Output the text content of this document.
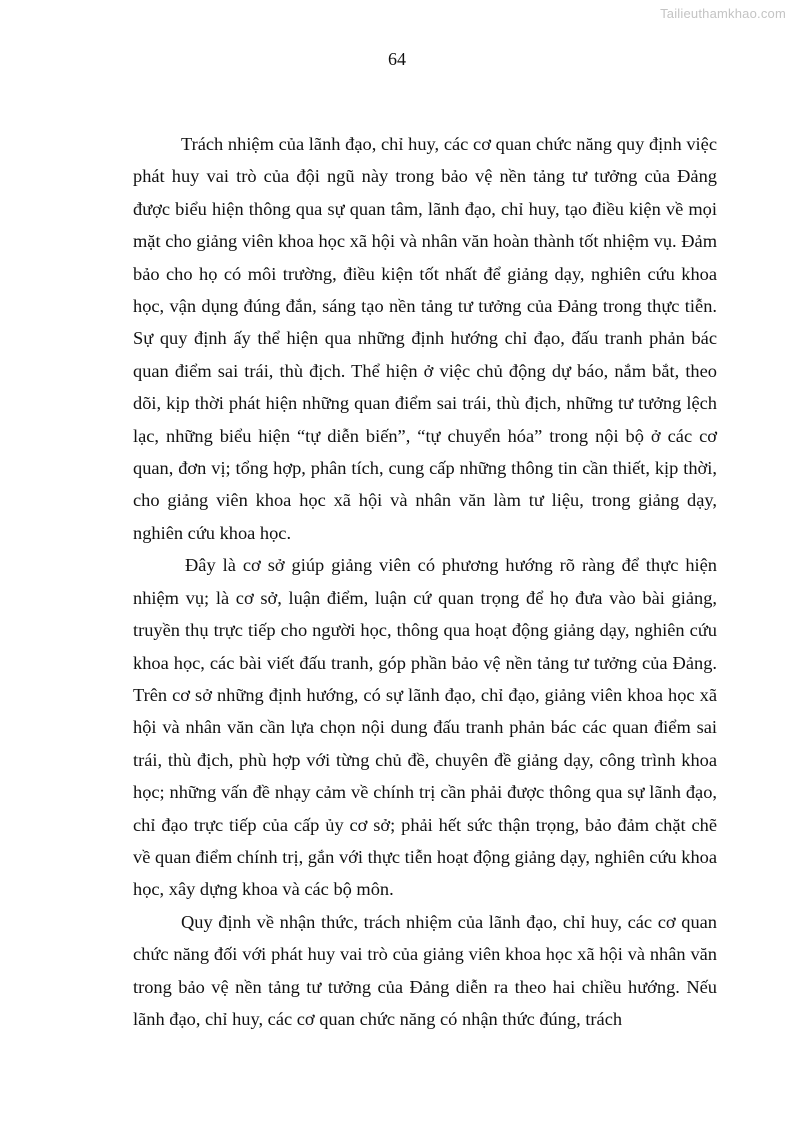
Tailieuthamkhao.com
64

Trách nhiệm của lãnh đạo, chỉ huy, các cơ quan chức năng quy định việc phát huy vai trò của đội ngũ này trong bảo vệ nền tảng tư tưởng của Đảng được biểu hiện thông qua sự quan tâm, lãnh đạo, chỉ huy, tạo điều kiện về mọi mặt cho giảng viên khoa học xã hội và nhân văn hoàn thành tốt nhiệm vụ. Đảm bảo cho họ có môi trường, điều kiện tốt nhất để giảng dạy, nghiên cứu khoa học, vận dụng đúng đắn, sáng tạo nền tảng tư tưởng của Đảng trong thực tiễn. Sự quy định ấy thể hiện qua những định hướng chỉ đạo, đấu tranh phản bác quan điểm sai trái, thù địch. Thể hiện ở việc chủ động dự báo, nắm bắt, theo dõi, kịp thời phát hiện những quan điểm sai trái, thù địch, những tư tưởng lệch lạc, những biểu hiện “tự diễn biến”, “tự chuyển hóa” trong nội bộ ở các cơ quan, đơn vị; tổng hợp, phân tích, cung cấp những thông tin cần thiết, kịp thời, cho giảng viên khoa học xã hội và nhân văn làm tư liệu, trong giảng dạy, nghiên cứu khoa học.

Đây là cơ sở giúp giảng viên có phương hướng rõ ràng để thực hiện nhiệm vụ; là cơ sở, luận điểm, luận cứ quan trọng để họ đưa vào bài giảng, truyền thụ trực tiếp cho người học, thông qua hoạt động giảng dạy, nghiên cứu khoa học, các bài viết đấu tranh, góp phần bảo vệ nền tảng tư tưởng của Đảng. Trên cơ sở những định hướng, có sự lãnh đạo, chỉ đạo, giảng viên khoa học xã hội và nhân văn cần lựa chọn nội dung đấu tranh phản bác các quan điểm sai trái, thù địch, phù hợp với từng chủ đề, chuyên đề giảng dạy, công trình khoa học; những vấn đề nhạy cảm về chính trị cần phải được thông qua sự lãnh đạo, chỉ đạo trực tiếp của cấp ủy cơ sở; phải hết sức thận trọng, bảo đảm chặt chẽ về quan điểm chính trị, gắn với thực tiễn hoạt động giảng dạy, nghiên cứu khoa học, xây dựng khoa và các bộ môn.

Quy định về nhận thức, trách nhiệm của lãnh đạo, chỉ huy, các cơ quan chức năng đối với phát huy vai trò của giảng viên khoa học xã hội và nhân văn trong bảo vệ nền tảng tư tưởng của Đảng diễn ra theo hai chiều hướng. Nếu lãnh đạo, chỉ huy, các cơ quan chức năng có nhận thức đúng, trách
